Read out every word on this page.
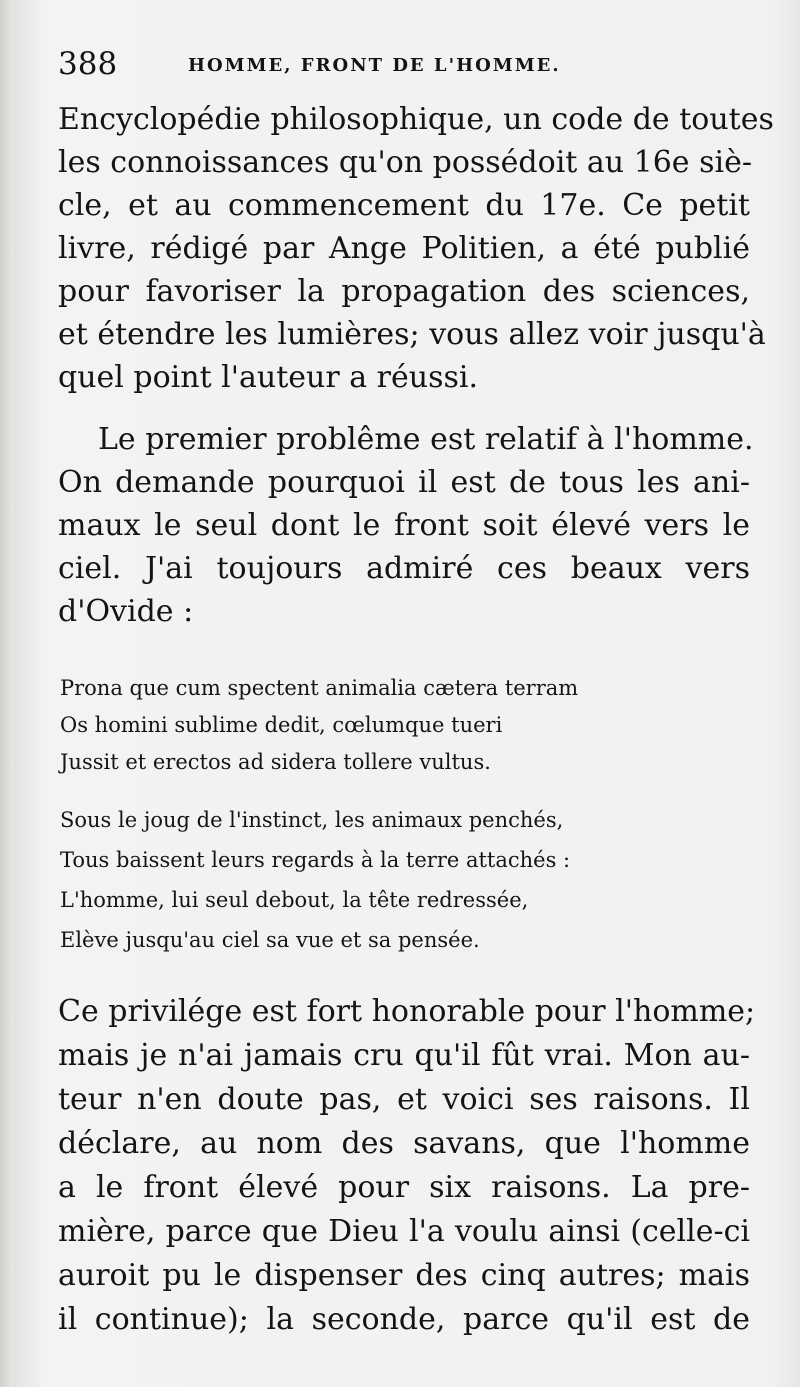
388	HOMME, FRONT DE L'HOMME.
Encyclopédie philosophique, un code de toutes
les connoissances qu'on possédoit au 16e siè-
cle, et au commencement du 17e. Ce petit
livre, rédigé par Ange Politien, a été publié
pour favoriser la propagation des sciences,
et étendre les lumières; vous allez voir jusqu'à
quel point l'auteur a réussi.
Le premier problême est relatif à l'homme.
On demande pourquoi il est de tous les ani-
maux le seul dont le front soit élevé vers le
ciel. J'ai toujours admiré ces beaux vers
d'Ovide :
Prona que cum spectent animalia cætera terram
Os homini sublime dedit, cœlumque tueri
Jussit et erectos ad sidera tollere vultus.
Sous le joug de l'instinct, les animaux penchés,
Tous baissent leurs regards à la terre attachés :
L'homme, lui seul debout, la tête redressée,
Elève jusqu'au ciel sa vue et sa pensée.
Ce privilége est fort honorable pour l'homme;
mais je n'ai jamais cru qu'il fût vrai. Mon au-
teur n'en doute pas, et voici ses raisons. Il
déclare, au nom des savans, que l'homme
a le front élevé pour six raisons. La pre-
mière, parce que Dieu l'a voulu ainsi (celle-ci
auroit pu le dispenser des cinq autres; mais
il continue); la seconde, parce qu'il est de
